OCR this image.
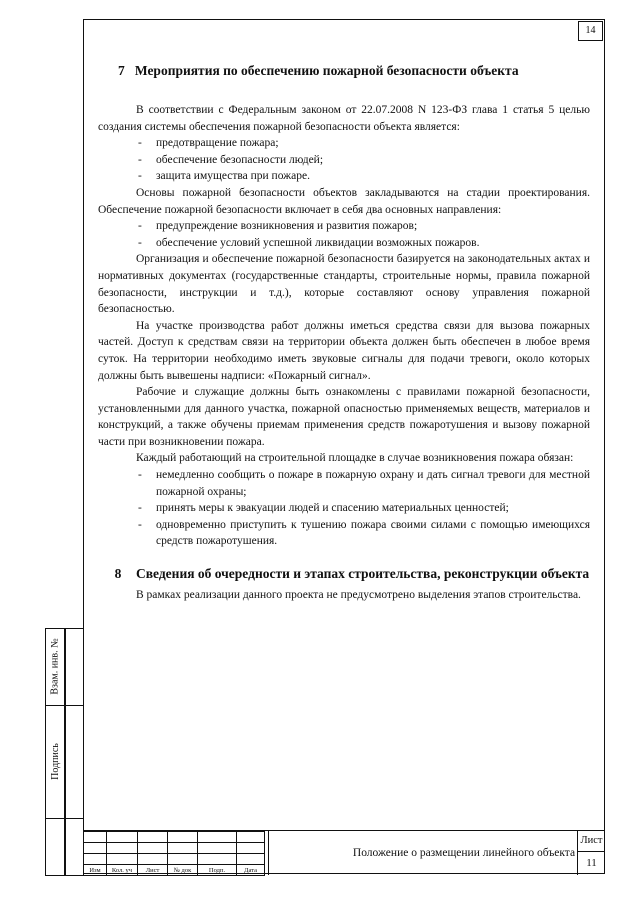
14
Взам. инв. №
Подпись
7 Мероприятия по обеспечению пожарной безопасности объекта

В соответствии с Федеральным законом от 22.07.2008 N 123-ФЗ глава 1 статья 5 целью создания системы обеспечения пожарной безопасности объекта является:

-	предотвращение пожара;
-	обеспечение безопасности людей;
-	защита имущества при пожаре.

Основы пожарной безопасности объектов закладываются на стадии проектирования. Обеспечение пожарной безопасности включает в себя два основных направления:

-	предупреждение возникновения и развития пожаров;
-	обеспечение условий успешной ликвидации возможных пожаров.

Организация и обеспечение пожарной безопасности базируется на законодательных актах и нормативных документах (государственные стандарты, строительные нормы, правила пожарной безопасности, инструкции и т.д.), которые составляют основу управления пожарной безопасностью.

На участке производства работ должны иметься средства связи для вызова пожарных частей. Доступ к средствам связи на территории объекта должен быть обеспечен в любое время суток. На территории необходимо иметь звуковые сигналы для подачи тревоги, около которых должны быть вывешены надписи: «Пожарный сигнал».

Рабочие и служащие должны быть ознакомлены с правилами пожарной безопасности, установленными для данного участка, пожарной опасностью применяемых веществ, материалов и конструкций, а также обучены приемам применения средств пожаротушения и вызову пожарной части при возникновении пожара.

Каждый работающий на строительной площадке в случае возникновения пожара обязан:

-	немедленно сообщить о пожаре в пожарную охрану и дать сигнал тревоги для местной пожарной охраны;
-	принять меры к эвакуации людей и спасению материальных ценностей;
-	одновременно приступить к тушению пожара своими силами с помощью имеющихся средств пожаротушения.
8	Сведения об очередности и этапах строительства, реконструкции объекта

В рамках реализации данного проекта не предусмотрено выделения этапов строительства.

Изм	Кол. уч	Лист	№ док	Подп.	Дата
Положение о размещении линейного объекта
Лист
11
